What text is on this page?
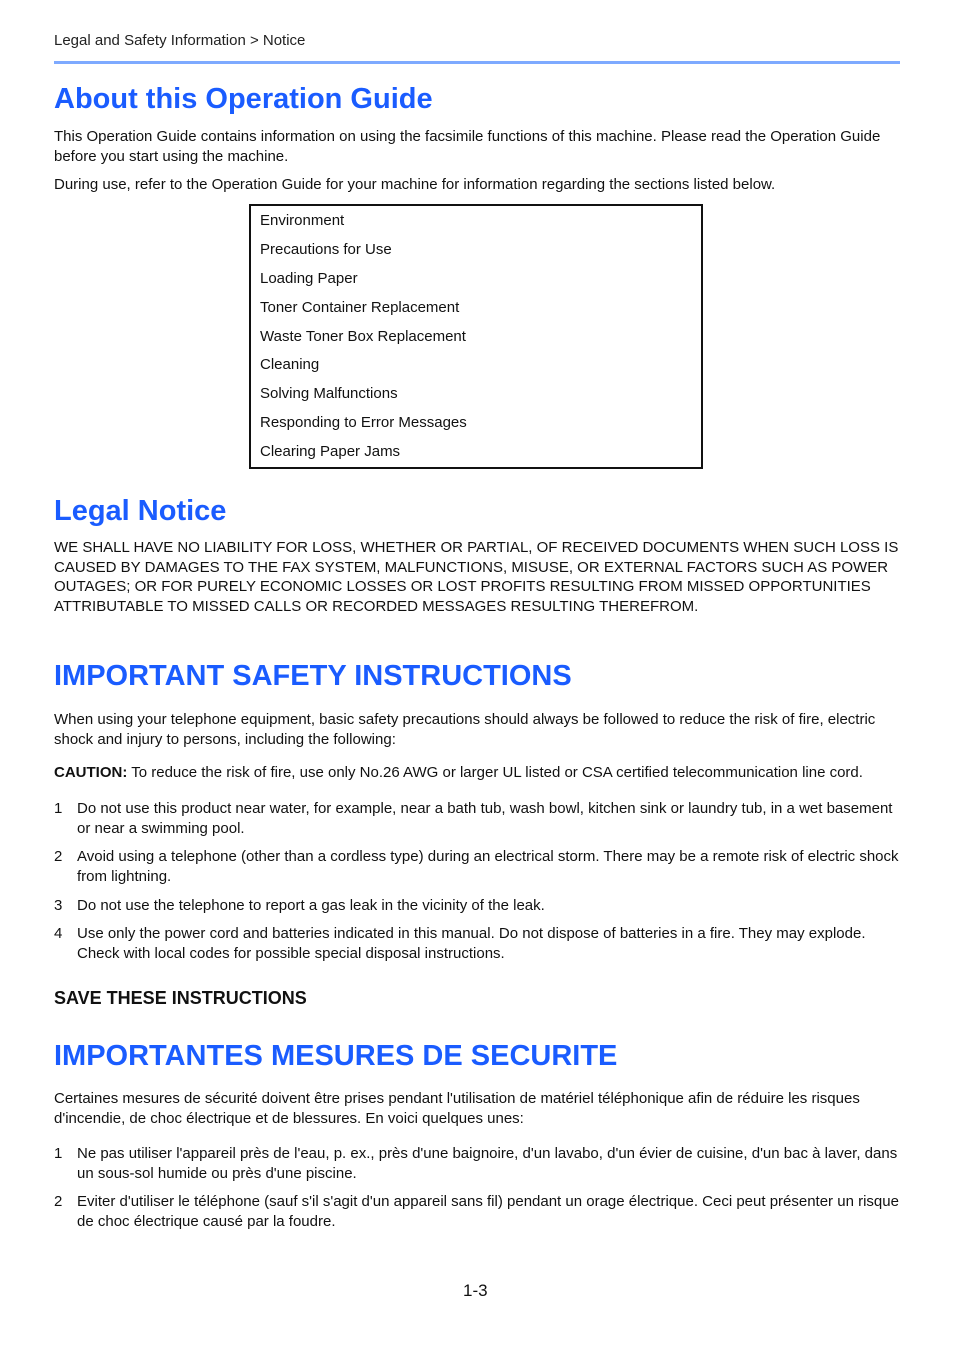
Legal and Safety Information > Notice
About this Operation Guide

This Operation Guide contains information on using the facsimile functions of this machine. Please read the Operation Guide before you start using the machine.

During use, refer to the Operation Guide for your machine for information regarding the sections listed below.

Environment
Precautions for Use
Loading Paper
Toner Container Replacement
Waste Toner Box Replacement
Cleaning
Solving Malfunctions
Responding to Error Messages
Clearing Paper Jams
Legal Notice

WE SHALL HAVE NO LIABILITY FOR LOSS, WHETHER OR PARTIAL, OF RECEIVED DOCUMENTS WHEN SUCH LOSS IS CAUSED BY DAMAGES TO THE FAX SYSTEM, MALFUNCTIONS, MISUSE, OR EXTERNAL FACTORS SUCH AS POWER OUTAGES; OR FOR PURELY ECONOMIC LOSSES OR LOST PROFITS RESULTING FROM MISSED OPPORTUNITIES ATTRIBUTABLE TO MISSED CALLS OR RECORDED MESSAGES RESULTING THEREFROM.

IMPORTANT SAFETY INSTRUCTIONS

When using your telephone equipment, basic safety precautions should always be followed to reduce the risk of fire, electric shock and injury to persons, including the following:

CAUTION: To reduce the risk of fire, use only No.26 AWG or larger UL listed or CSA certified telecommunication line cord.
1 Do not use this product near water, for example, near a bath tub, wash bowl, kitchen sink or laundry tub, in a wet basement or near a swimming pool.
2 Avoid using a telephone (other than a cordless type) during an electrical storm. There may be a remote risk of electric shock from lightning.
3 Do not use the telephone to report a gas leak in the vicinity of the leak.
4 Use only the power cord and batteries indicated in this manual. Do not dispose of batteries in a fire. They may explode. Check with local codes for possible special disposal instructions.
SAVE THESE INSTRUCTIONS
IMPORTANTES MESURES DE SECURITE

Certaines mesures de sécurité doivent être prises pendant l'utilisation de matériel téléphonique afin de réduire les risques d'incendie, de choc électrique et de blessures. En voici quelques unes:

1 Ne pas utiliser l'appareil près de l'eau, p. ex., près d'une baignoire, d'un lavabo, d'un évier de cuisine, d'un bac à laver, dans un sous-sol humide ou près d'une piscine.
2 Eviter d'utiliser le téléphone (sauf s'il s'agit d'un appareil sans fil) pendant un orage électrique. Ceci peut présenter un risque de choc électrique causé par la foudre.
1-3
